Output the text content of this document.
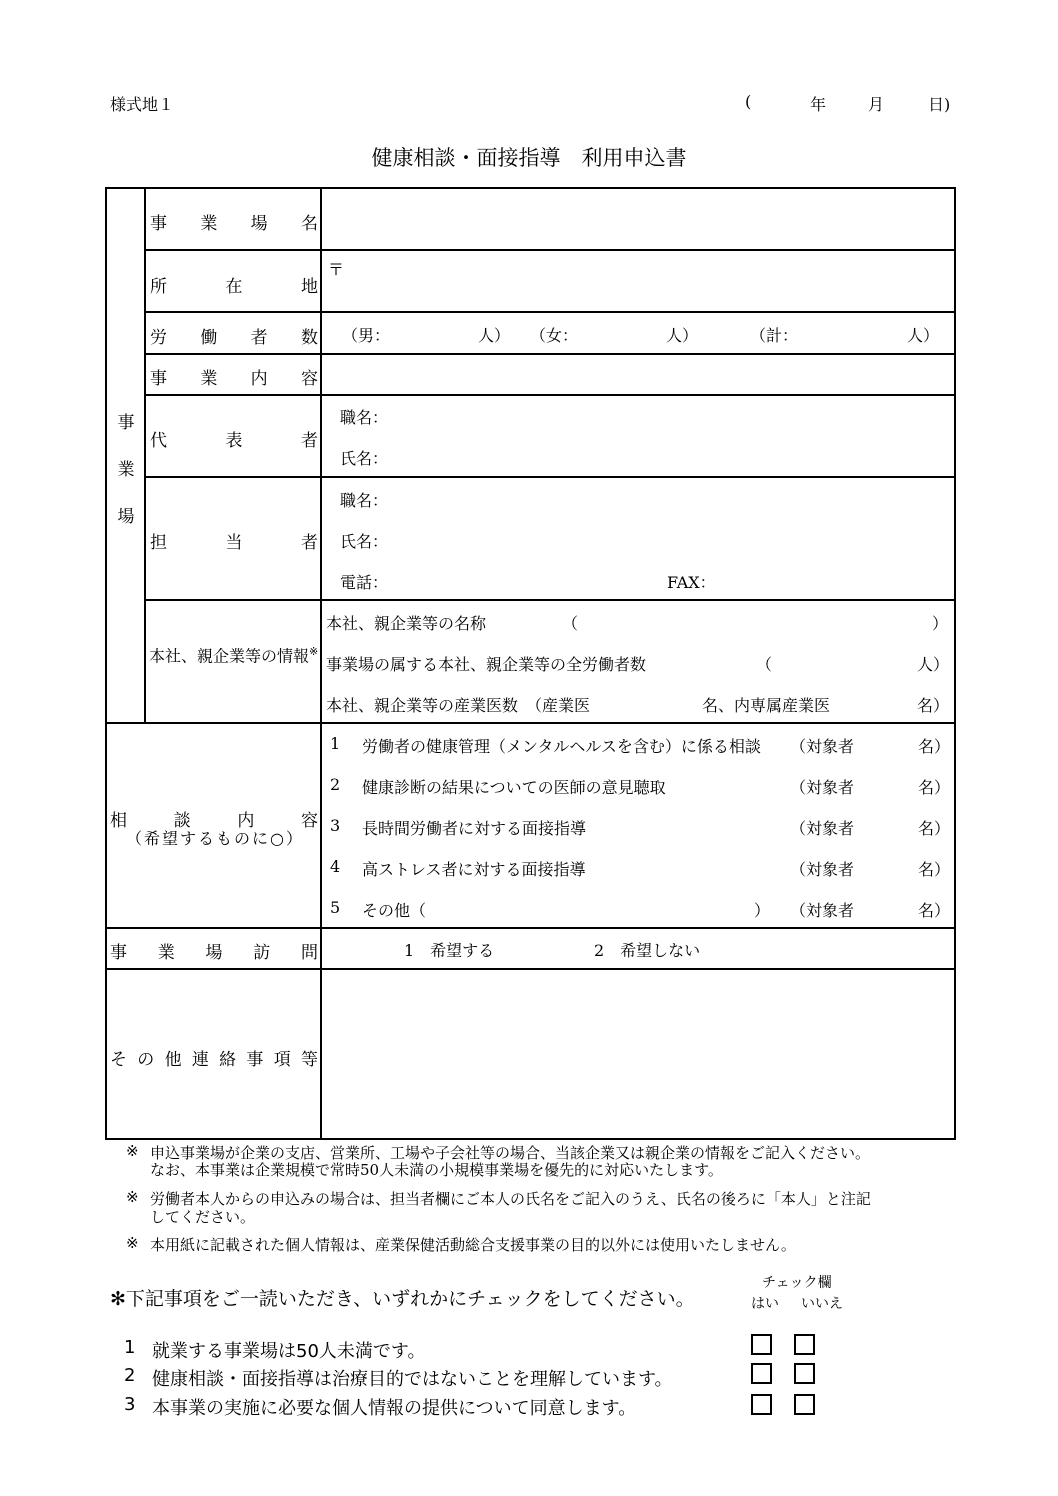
様式地１	(	年	月	日)
健康相談・面接指導　利用申込書
事
業
場
事 業 場 名
所	在	地
〒
労 働 者 数 （男：	人） （女：	人）	（計：	人）
事 業 内 容
代	表	者
職名：
氏名：
担	当	者
職名：
氏名：
電話：	FAX：
本社、親企業等の情報※
本社、親企業等の名称	（	）
事業場の属する本社、親企業等の全労働者数	（	人）
本社、親企業等の産業医数　（産業医	名、内専属産業医	名）
相	談	内	容
（希望するものに○）
1 労働者の健康管理（メンタルヘルスを含む）に係る相談 （対象者	名）
2 健康診断の結果についての医師の意見聴取	（対象者	名）
3 長時間労働者に対する面接指導	（対象者	名）
4 高ストレス者に対する面接指導	（対象者	名）
5 その他（	） （対象者	名）
事 業 場 訪 問	1　希望する	2　希望しない
そ の 他 連 絡 事 項 等
※ 申込事業場が企業の支店、営業所、工場や子会社等の場合、当該企業又は親企業の情報をご記入ください。
なお、本事業は企業規模で常時50人未満の小規模事業場を優先的に対応いたします。
※ 労働者本人からの申込みの場合は、担当者欄にご本人の氏名をご記入のうえ、氏名の後ろに「本人」と注記
してください。
※ 本用紙に記載された個人情報は、産業保健活動総合支援事業の目的以外には使用いたしません。
✻下記事項をご一読いただき、いずれかにチェックをしてください。
チェック欄
はい いいえ
1 就業する事業場は50人未満です。
2 健康相談・面接指導は治療目的ではないことを理解しています。
3 本事業の実施に必要な個人情報の提供について同意します。
